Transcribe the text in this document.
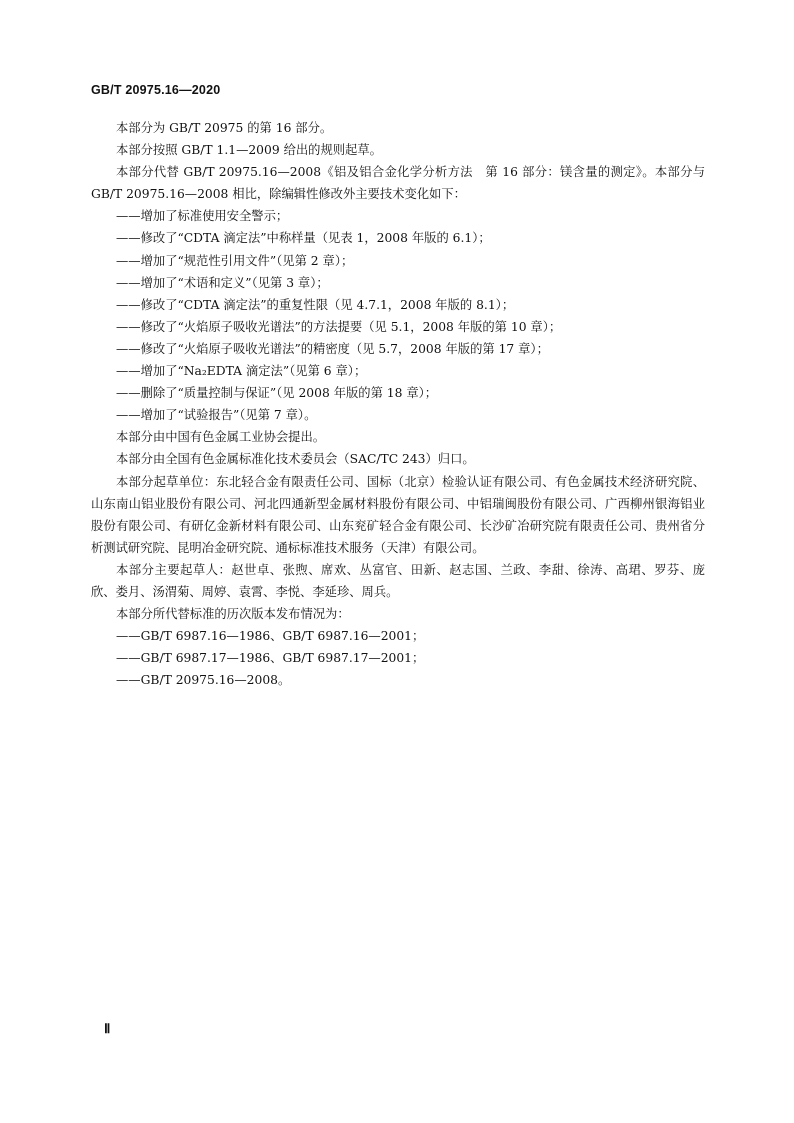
GB/T 20975.16—2020

本部分为 GB/T 20975 的第 16 部分。

本部分按照 GB/T 1.1—2009 给出的规则起草。

本部分代替 GB/T 20975.16—2008《铝及铝合金化学分析方法　第 16 部分：镁含量的测定》。本部分与 GB/T 20975.16—2008 相比，除编辑性修改外主要技术变化如下：

——增加了标准使用安全警示；

——修改了“CDTA 滴定法”中称样量（见表 1，2008 年版的 6.1）；

——增加了“规范性引用文件”（见第 2 章）；

——增加了“术语和定义”（见第 3 章）；

——修改了“CDTA 滴定法”的重复性限（见 4.7.1，2008 年版的 8.1）；

——修改了“火焰原子吸收光谱法”的方法提要（见 5.1，2008 年版的第 10 章）；

——修改了“火焰原子吸收光谱法”的精密度（见 5.7，2008 年版的第 17 章）；

——增加了“Na₂EDTA 滴定法”（见第 6 章）；

——删除了“质量控制与保证”（见 2008 年版的第 18 章）；

——增加了“试验报告”（见第 7 章）。

本部分由中国有色金属工业协会提出。

本部分由全国有色金属标准化技术委员会（SAC/TC 243）归口。

本部分起草单位：东北轻合金有限责任公司、国标（北京）检验认证有限公司、有色金属技术经济研究院、山东南山铝业股份有限公司、河北四通新型金属材料股份有限公司、中铝瑞闽股份有限公司、广西柳州银海铝业股份有限公司、有研亿金新材料有限公司、山东兖矿轻合金有限公司、长沙矿冶研究院有限责任公司、贵州省分析测试研究院、昆明冶金研究院、通标标准技术服务（天津）有限公司。

本部分主要起草人：赵世卓、张煦、席欢、丛富官、田新、赵志国、兰政、李甜、徐涛、高珺、罗芬、庞欣、娄月、汤渭菊、周婷、袁霄、李悦、李延珍、周兵。

本部分所代替标准的历次版本发布情况为：

——GB/T 6987.16—1986、GB/T 6987.16—2001；

——GB/T 6987.17—1986、GB/T 6987.17—2001；

——GB/T 20975.16—2008。

Ⅱ
